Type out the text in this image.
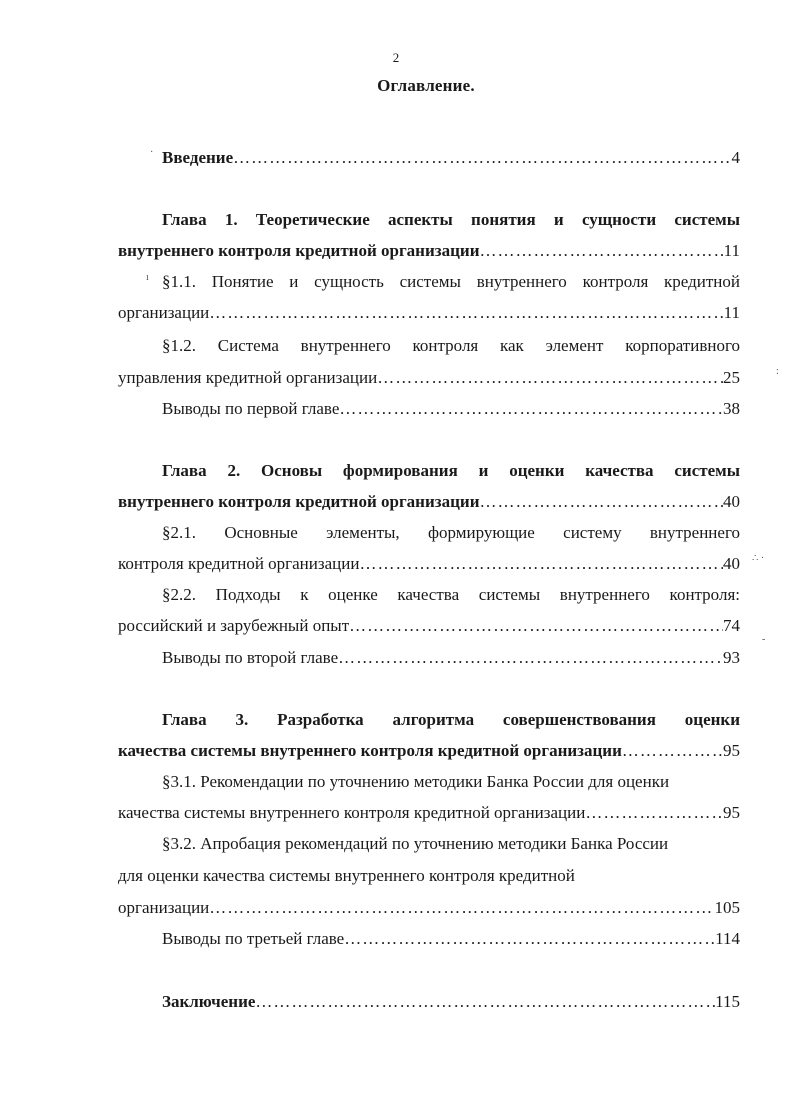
2
Оглавление.
Введение ……………………………………………………………………………………………………………………………………………………	4
Глава 1. Теоретические аспекты понятия и сущности системы
внутреннего контроля кредитной организации ……………………………………………………………………………………………………………………………………………………	11
§1.1. Понятие и сущность системы внутреннего контроля кредитной
организации ……………………………………………………………………………………………………………………………………………………	11
§1.2. Система внутреннего контроля как элемент корпоративного
управления кредитной организации ……………………………………………………………………………………………………………………………………………………	25
Выводы по первой главе ……………………………………………………………………………………………………………………………………………………	38
Глава 2. Основы формирования и оценки качества системы
внутреннего контроля кредитной организации ……………………………………………………………………………………………………………………………………………………	40
§2.1. Основные элементы, формирующие систему внутреннего
контроля кредитной организации ……………………………………………………………………………………………………………………………………………………	40
§2.2. Подходы к оценке качества системы внутреннего контроля:
российский и зарубежный опыт ……………………………………………………………………………………………………………………………………………………	74
Выводы по второй главе ……………………………………………………………………………………………………………………………………………………	93
Глава 3. Разработка алгоритма совершенствования оценки
качества системы внутреннего контроля кредитной организации ……………………………………………………………………………………………………………………………………………………	95
§3.1. Рекомендации по уточнению методики Банка России для оценки
качества системы внутреннего контроля кредитной организации ……………………………………………………………………………………………………………………………………………………	95
§3.2. Апробация рекомендаций по уточнению методики Банка России
для оценки качества системы внутреннего контроля кредитной
организации ……………………………………………………………………………………………………………………………………………………	105
Выводы по третьей главе ……………………………………………………………………………………………………………………………………………………	114
Заключение ……………………………………………………………………………………………………………………………………………………	115
·
ı
:
∴ ·
-
